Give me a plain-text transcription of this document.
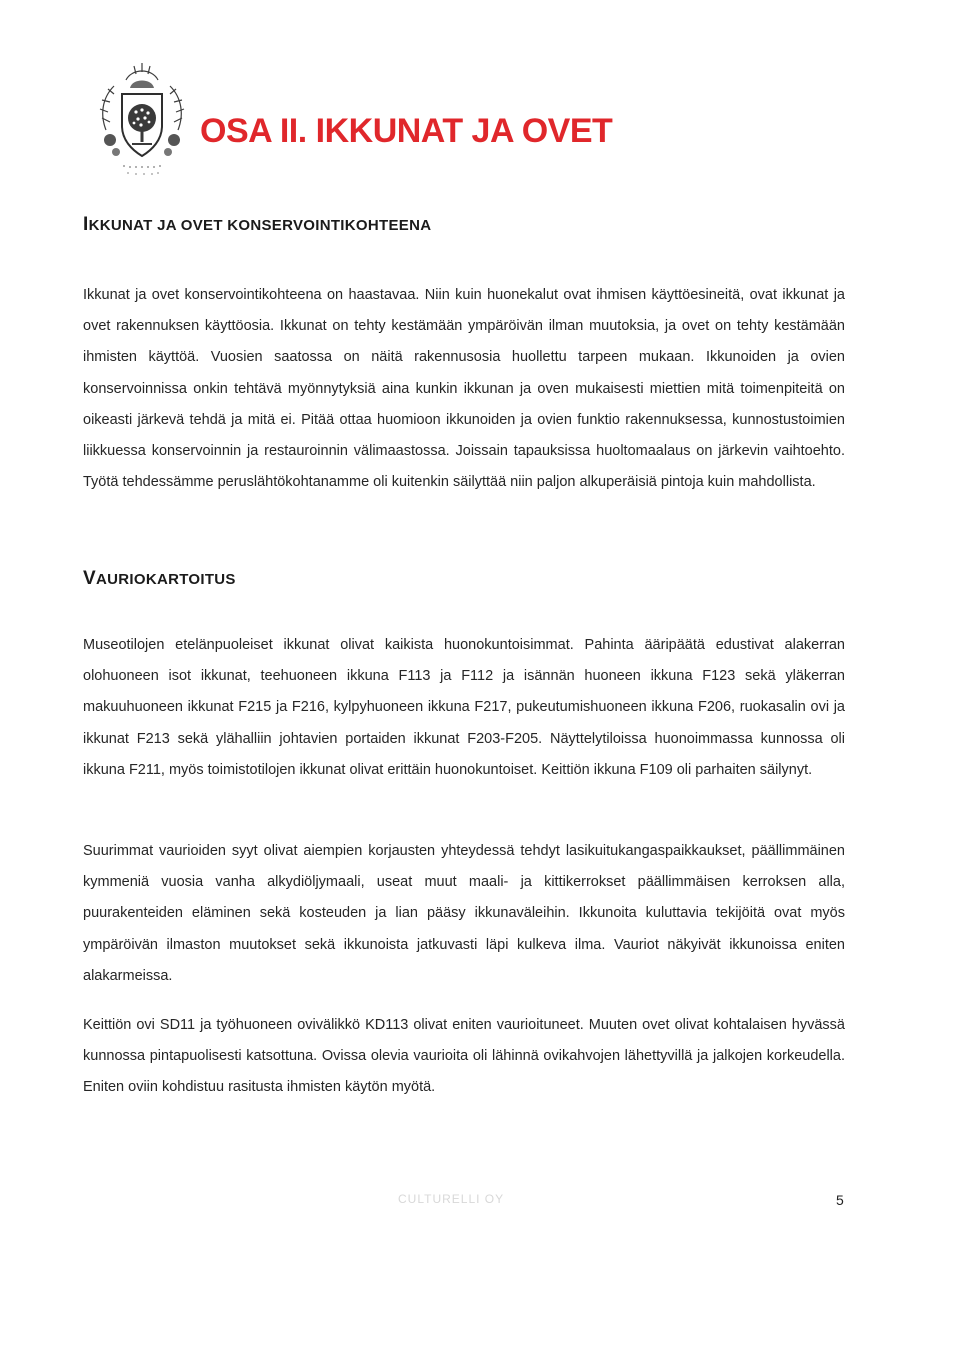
OSA II. IKKUNAT JA OVET
IKKUNAT JA OVET KONSERVOINTIKOHTEENA

Ikkunat ja ovet konservointikohteena on haastavaa. Niin kuin huonekalut ovat ihmisen käyttöesineitä, ovat ikkunat ja ovet rakennuksen käyttöosia. Ikkunat on tehty kestämään ympäröivän ilman muutoksia, ja ovet on tehty kestämään ihmisten käyttöä. Vuosien saatossa on näitä rakennusosia huollettu tarpeen mukaan. Ikkunoiden ja ovien konservoinnissa onkin tehtävä myönnytyksiä aina kunkin ikkunan ja oven mukaisesti miettien mitä toimenpiteitä on oikeasti järkevä tehdä ja mitä ei. Pitää ottaa huomioon ikkunoiden ja ovien funktio rakennuksessa, kunnostustoimien liikkuessa konservoinnin ja restauroinnin välimaastossa. Joissain tapauksissa huoltomaalaus on järkevin vaihtoehto. Työtä tehdessämme peruslähtökohtanamme oli kuitenkin säilyttää niin paljon alkuperäisiä pintoja kuin mahdollista.

VAURIOKARTOITUS

Museotilojen etelänpuoleiset ikkunat olivat kaikista huonokuntoisimmat. Pahinta ääripäätä edustivat alakerran olohuoneen isot ikkunat, teehuoneen ikkuna F113 ja F112 ja isännän huoneen ikkuna F123 sekä yläkerran makuuhuoneen ikkunat F215 ja F216, kylpyhuoneen ikkuna F217, pukeutumishuoneen ikkuna F206, ruokasalin ovi ja ikkunat F213 sekä ylähalliin johtavien portaiden ikkunat F203-F205. Näyttelytiloissa huonoimmassa kunnossa oli ikkuna F211, myös toimistotilojen ikkunat olivat erittäin huonokuntoiset. Keittiön ikkuna F109 oli parhaiten säilynyt.

Suurimmat vaurioiden syyt olivat aiempien korjausten yhteydessä tehdyt lasikuitukangaspaikkaukset, päällimmäinen kymmeniä vuosia vanha alkydiöljymaali, useat muut maali- ja kittikerrokset päällimmäisen kerroksen alla, puurakenteiden eläminen sekä kosteuden ja lian pääsy ikkunaväleihin. Ikkunoita kuluttavia tekijöitä ovat myös ympäröivän ilmaston muutokset sekä ikkunoista jatkuvasti läpi kulkeva ilma. Vauriot näkyivät ikkunoissa eniten alakarmeissa.

Keittiön ovi SD11 ja työhuoneen ovivälikkö KD113 olivat eniten vaurioituneet. Muuten ovet olivat kohtalaisen hyvässä kunnossa pintapuolisesti katsottuna. Ovissa olevia vaurioita oli lähinnä ovikahvojen lähettyvillä ja jalkojen korkeudella. Eniten oviin kohdistuu rasitusta ihmisten käytön myötä.

CULTURELLI OY	5
